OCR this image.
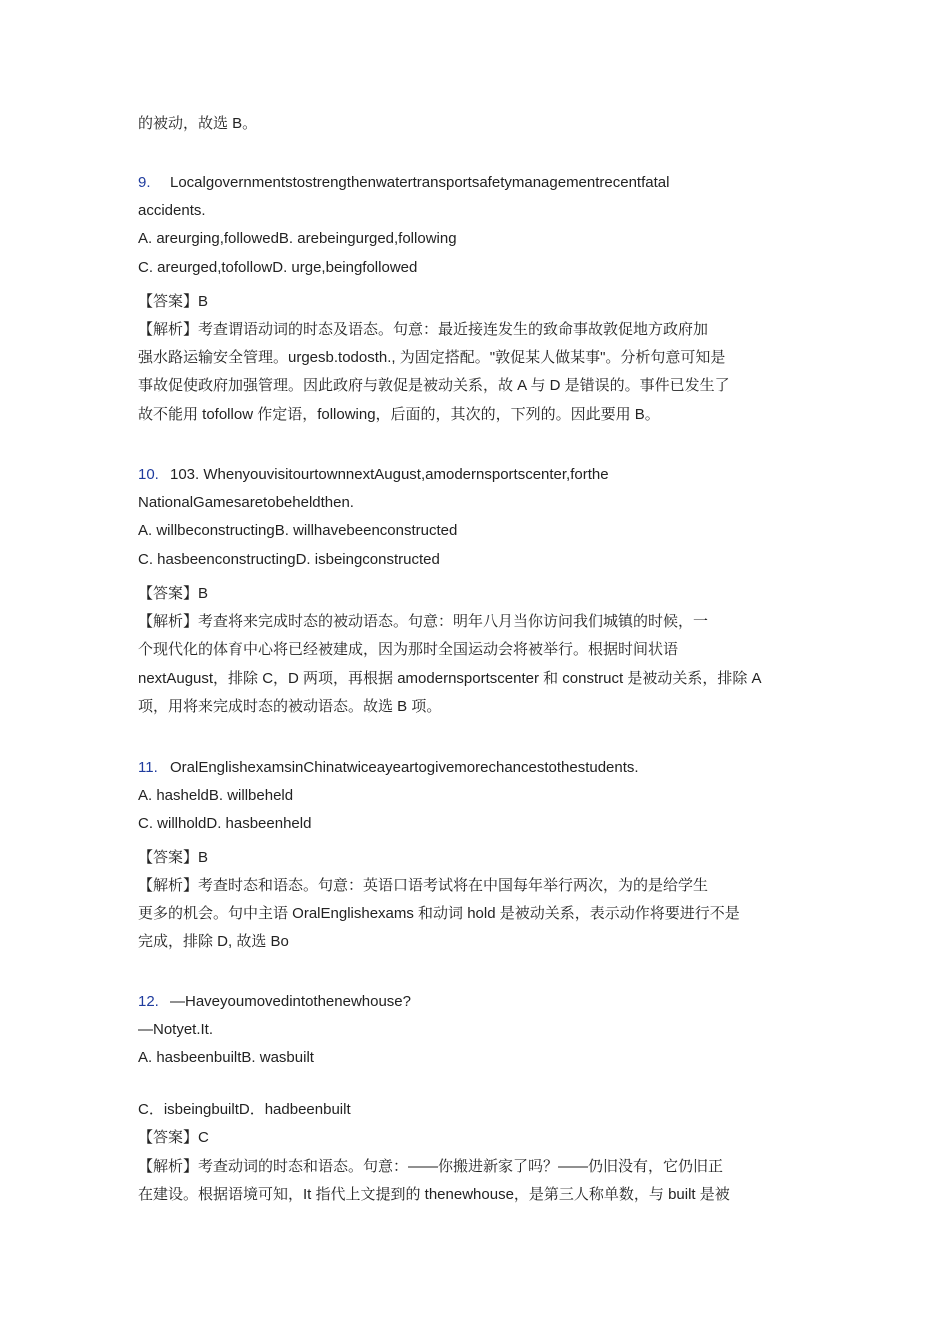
的被动，故选 B。
9. Localgovernmentstostrengthenwatertransportsafetymanagementrecentfatal
accidents.
A. areurging,followedB. arebeingurged,following
C. areurged,tofollowD. urge,beingfollowed
【答案】B
【解析】考查谓语动词的时态及语态。句意：最近接连发生的致命事故敦促地方政府加
强水路运输安全管理。urgesb.todosth., 为固定搭配。"敦促某人做某事"。分析句意可知是
事故促使政府加强管理。因此政府与敦促是被动关系，故 A 与 D 是错误的。事件已发生了
故不能用 tofollow 作定语，following，后面的，其次的，下列的。因此要用 B。
10. 103. WhenyouvisitourtownnextAugust,amodernsportscenter,forthe
NationalGamesaretobeheldthen.
A. willbeconstructingB. willhavebeenconstructed
C. hasbeenconstructingD. isbeingconstructed
【答案】B
【解析】考查将来完成时态的被动语态。句意：明年八月当你访问我们城镇的时候，一
个现代化的体育中心将已经被建成，因为那时全国运动会将被举行。根据时间状语
nextAugust，排除 C，D 两项，再根据 amodernsportscenter 和 construct 是被动关系，排除 A
项，用将来完成时态的被动语态。故选 B 项。
11. OralEnglishexamsinChinatwiceayeartogivemorechancestothestudents.
A. hasheldB. willbeheld
C. willholdD. hasbeenheld
【答案】B
【解析】考查时态和语态。句意：英语口语考试将在中国每年举行两次，为的是给学生
更多的机会。句中主语 OralEnglishexams 和动词 hold 是被动关系，表示动作将要进行不是
完成，排除 D, 故选 Bo
12. —Haveyoumovedintothenewhouse?
—Notyet.It.
A. hasbeenbuiltB. wasbuilt
C．isbeingbuiltD．hadbeenbuilt
【答案】C
【解析】考查动词的时态和语态。句意：——你搬进新家了吗？——仍旧没有，它仍旧正
在建设。根据语境可知，It 指代上文提到的 thenewhouse，是第三人称单数，与 built 是被
